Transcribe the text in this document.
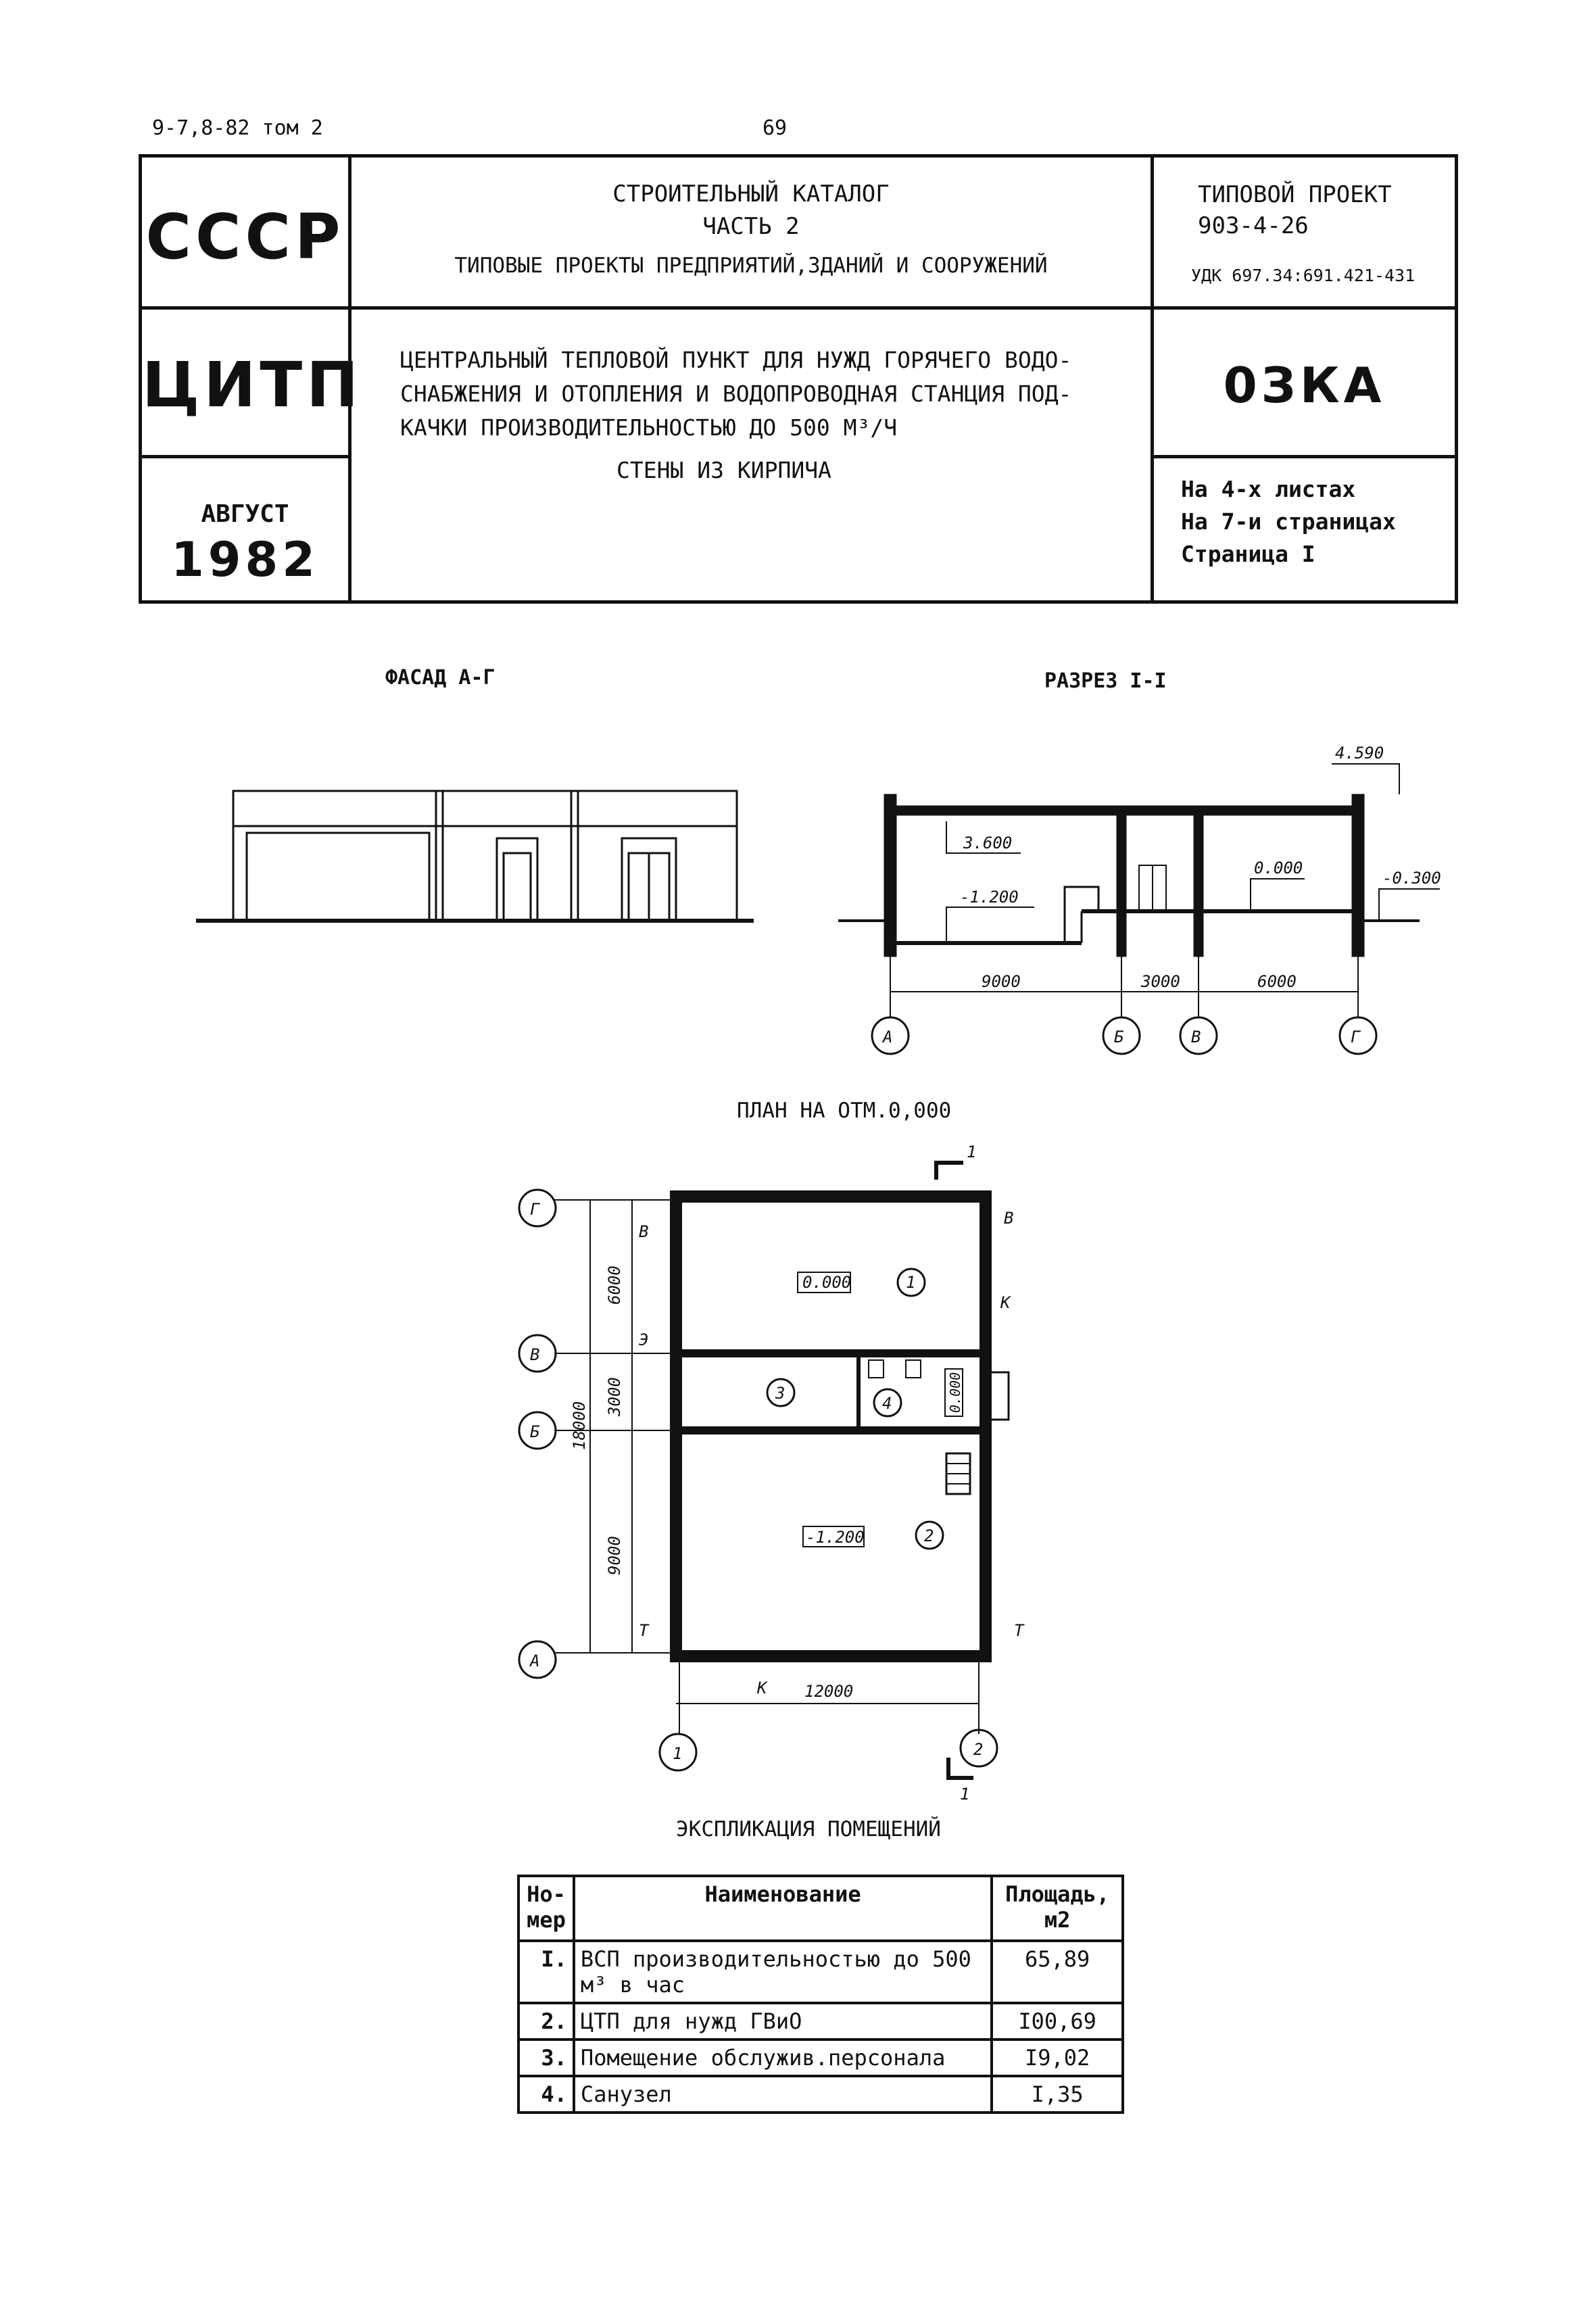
9-7,8-82 том 2	69
СССР
ЦИТП
АВГУСТ
1982
СТРОИТЕЛЬНЫЙ КАТАЛОГ
ЧАСТЬ 2
ТИПОВЫЕ ПРОЕКТЫ ПРЕДПРИЯТИЙ,ЗДАНИЙ И СООРУЖЕНИЙ
ЦЕНТРАЛЬНЫЙ ТЕПЛОВОЙ ПУНКТ ДЛЯ НУЖД ГОРЯЧЕГО ВОДО-
СНАБЖЕНИЯ И ОТОПЛЕНИЯ И ВОДОПРОВОДНАЯ СТАНЦИЯ ПОД-
КАЧКИ ПРОИЗВОДИТЕЛЬНОСТЬЮ ДО 500 М³/Ч
СТЕНЫ ИЗ КИРПИЧА
ТИПОВОЙ ПРОЕКТ
903-4-26
УДК 697.34:691.421-431
0ЗКА
На 4-х листах
На 7-и страницах
Страница I
ФАСАД А-Г	РАЗРЕЗ I-I
ПЛАН НА ОТМ.0,000
4.590
3.600
-1.200
0.000
-0.300
9000	3000	6000
А	Б	В	Г
0.000
-1.200
1
2
3
4
Г
В
Б
А
1	2
12000
1
1
В
В
Э
К
К
Т	Т
6000
3000
9000
18000
0.000
ЭКСПЛИКАЦИЯ ПОМЕЩЕНИЙ
Но-мер	Наименование	Площадь, м2
I.	ВСП производительностью до 500 м³ в час	65,89
2.	ЦТП для нужд ГВиО	I00,69
3.	Помещение обслужив.персонала	I9,02
4.	Санузел	I,35
